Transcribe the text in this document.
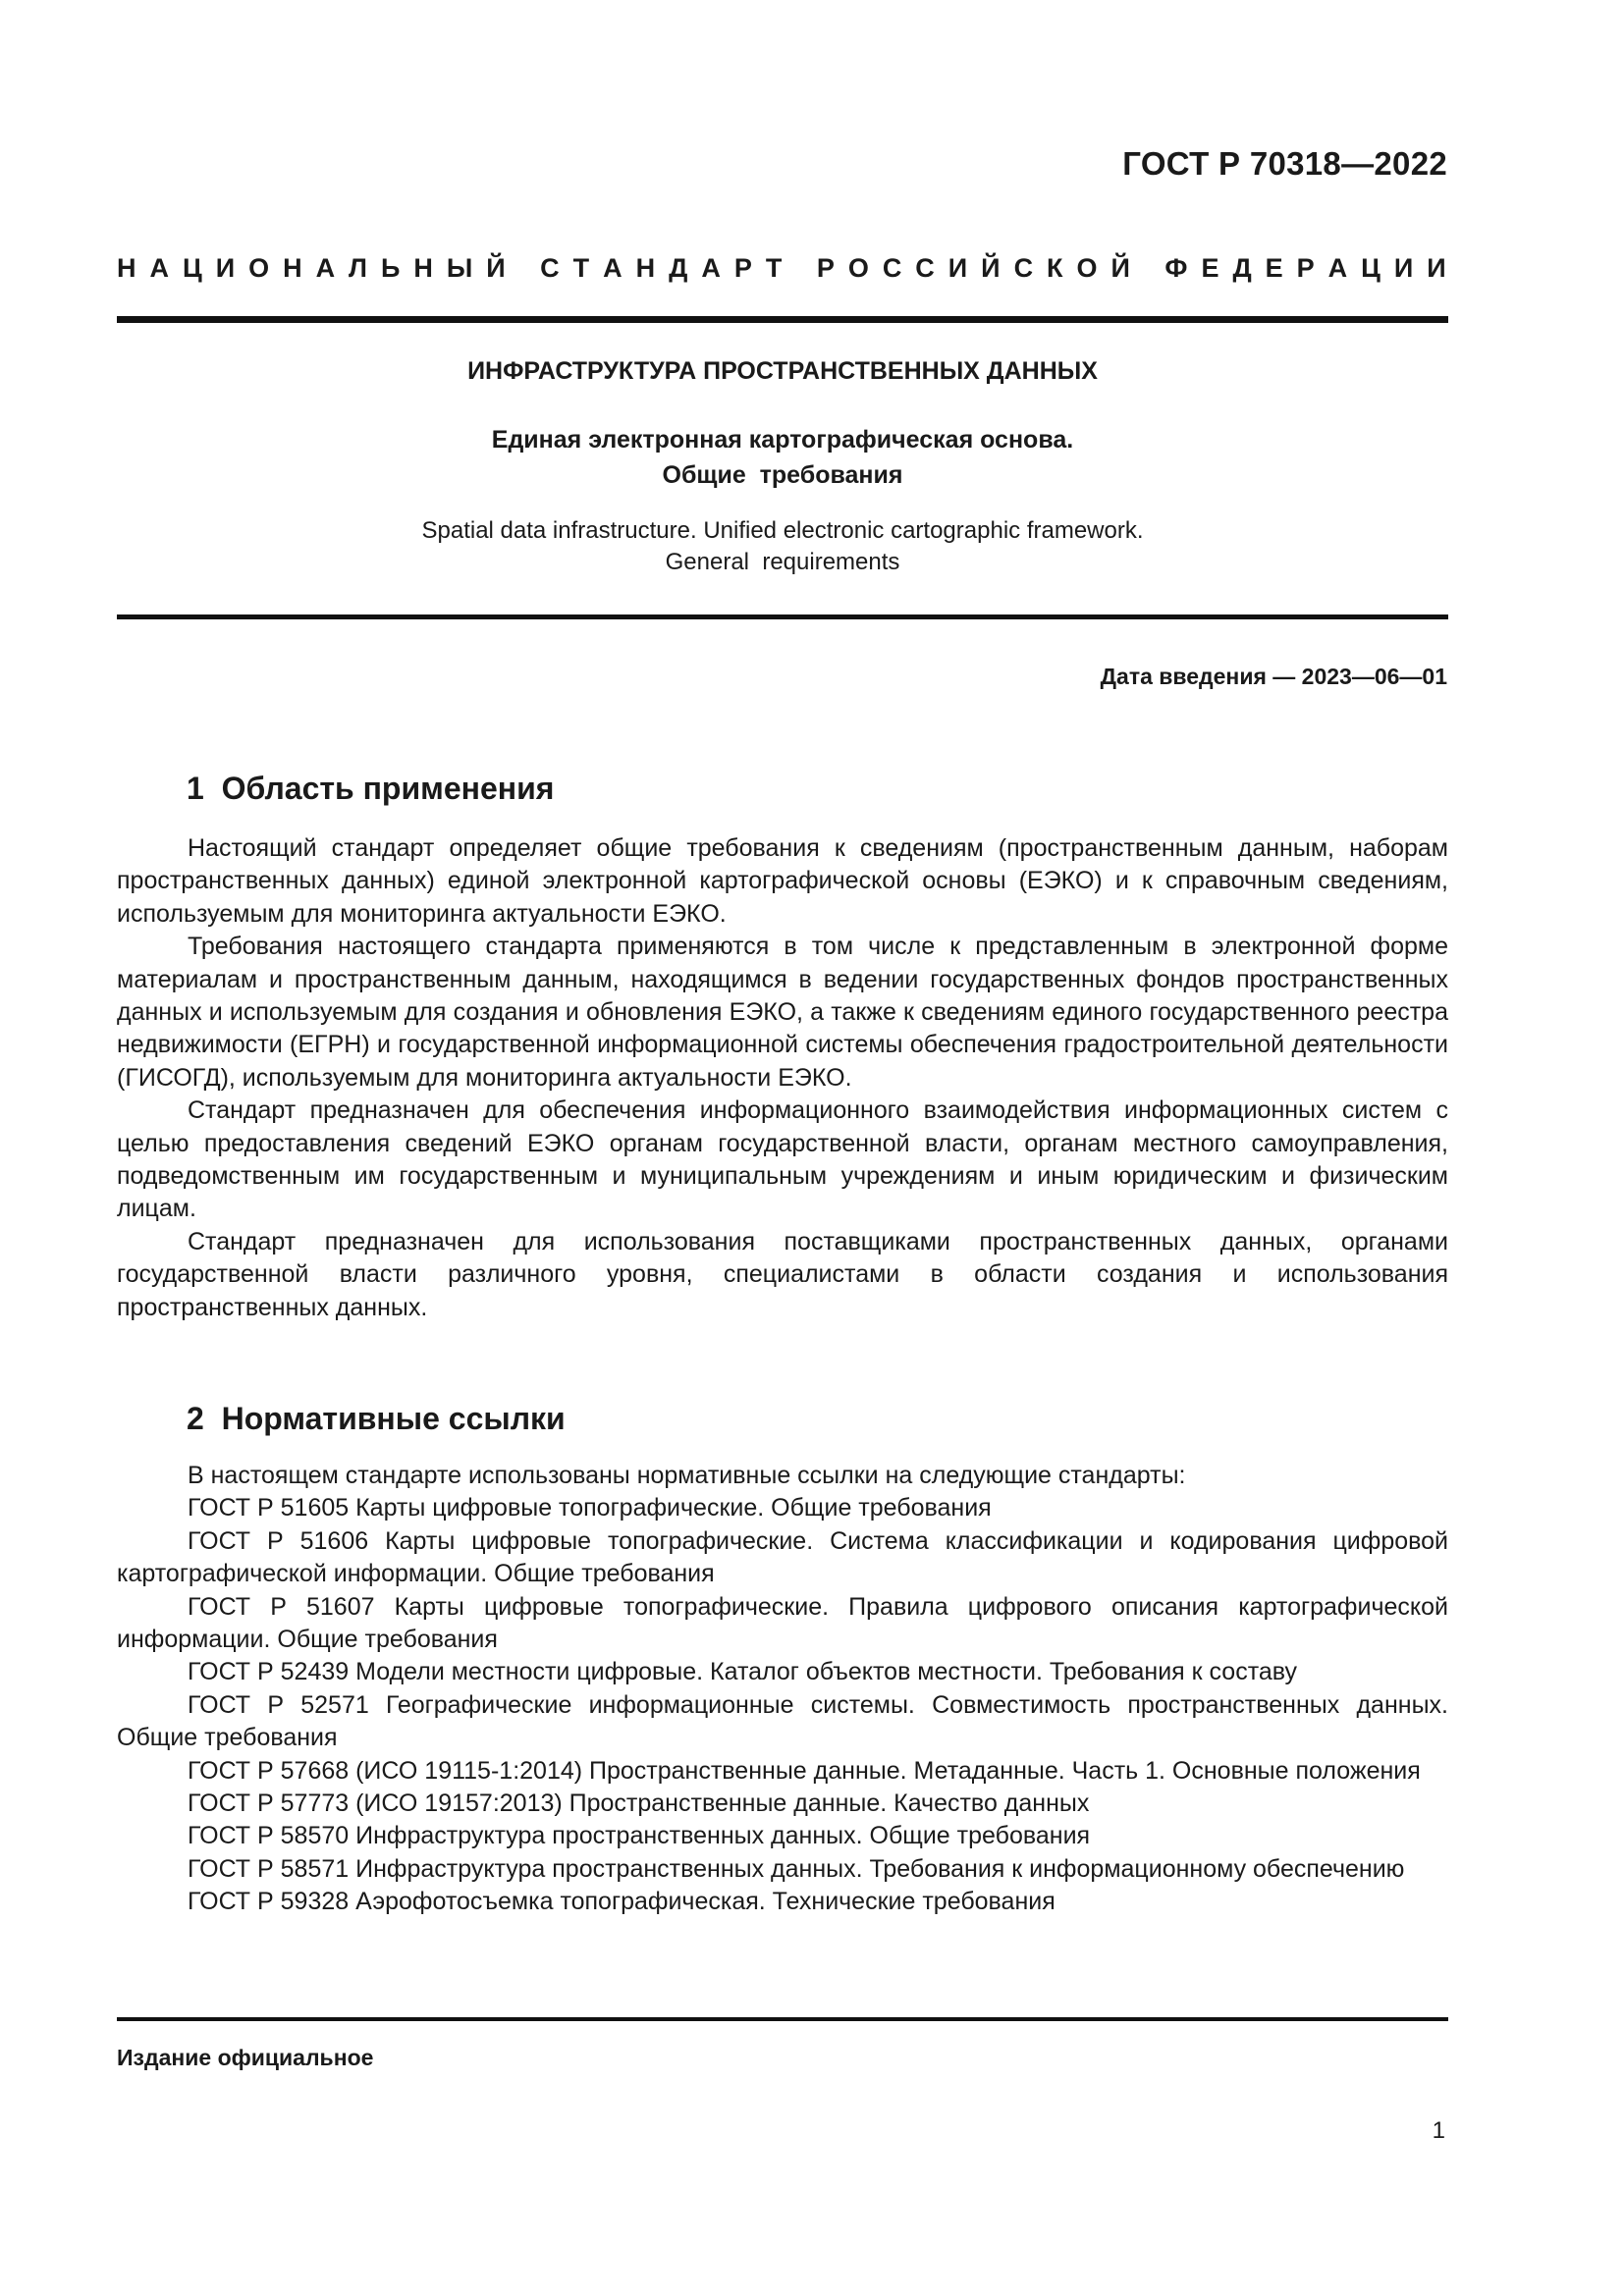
ГОСТ Р 70318—2022
Н А Ц И О Н А Л Ь Н Ы Й
С Т А Н Д А Р Т
Р О С С И Й С К О Й
Ф Е Д Е Р А Ц И И
ИНФРАСТРУКТУРА ПРОСТРАНСТВЕННЫХ ДАННЫХ
Единая электронная картографическая основа.
Общие  требования
Spatial data infrastructure. Unified electronic cartographic framework.
General  requirements
Дата введения — 2023—06—01
1  Область применения

Настоящий стандарт определяет общие требования к сведениям (пространственным данным, наборам пространственных данных) единой электронной картографической основы (ЕЭКО) и к справочным сведениям, используемым для мониторинга актуальности ЕЭКО.

Требования настоящего стандарта применяются в том числе к представленным в электронной форме материалам и пространственным данным, находящимся в ведении государственных фондов пространственных данных и используемым для создания и обновления ЕЭКО, а также к сведениям единого государственного реестра недвижимости (ЕГРН) и государственной информационной системы обеспечения градостроительной деятельности (ГИСОГД), используемым для мониторинга актуальности ЕЭКО.

Стандарт предназначен для обеспечения информационного взаимодействия информационных систем с целью предоставления сведений ЕЭКО органам государственной власти, органам местного самоуправления, подведомственным им государственным и муниципальным учреждениям и иным юридическим и физическим лицам.

Стандарт предназначен для использования поставщиками пространственных данных, органами государственной власти различного уровня, специалистами в области создания и использования пространственных данных.

2  Нормативные ссылки

В настоящем стандарте использованы нормативные ссылки на следующие стандарты:

ГОСТ Р 51605 Карты цифровые топографические. Общие требования

ГОСТ Р 51606 Карты цифровые топографические. Система классификации и кодирования цифровой картографической информации. Общие требования

ГОСТ Р 51607 Карты цифровые топографические. Правила цифрового описания картографической информации. Общие требования

ГОСТ Р 52439 Модели местности цифровые. Каталог объектов местности. Требования к составу

ГОСТ Р 52571 Географические информационные системы. Совместимость пространственных данных. Общие требования

ГОСТ Р 57668 (ИСО 19115-1:2014) Пространственные данные. Метаданные. Часть 1. Основные положения

ГОСТ Р 57773 (ИСО 19157:2013) Пространственные данные. Качество данных

ГОСТ Р 58570 Инфраструктура пространственных данных. Общие требования

ГОСТ Р 58571 Инфраструктура пространственных данных. Требования к информационному обеспечению

ГОСТ Р 59328 Аэрофотосъемка топографическая. Технические требования

Издание официальное
1
